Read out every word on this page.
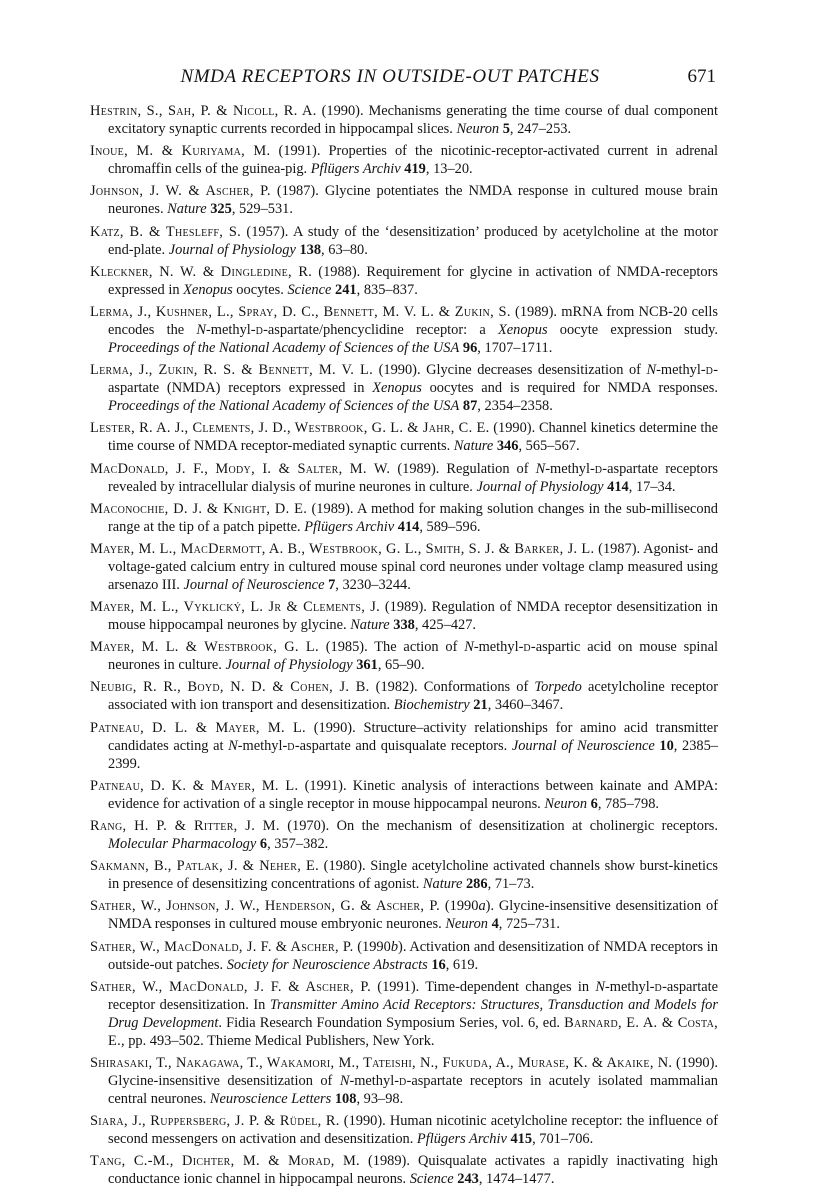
NMDA RECEPTORS IN OUTSIDE-OUT PATCHES	671
Hestrin, S., Sah, P. & Nicoll, R. A. (1990). Mechanisms generating the time course of dual component excitatory synaptic currents recorded in hippocampal slices. Neuron 5, 247–253.
Inoue, M. & Kuriyama, M. (1991). Properties of the nicotinic-receptor-activated current in adrenal chromaffin cells of the guinea-pig. Pflügers Archiv 419, 13–20.
Johnson, J. W. & Ascher, P. (1987). Glycine potentiates the NMDA response in cultured mouse brain neurones. Nature 325, 529–531.
Katz, B. & Thesleff, S. (1957). A study of the ‘desensitization’ produced by acetylcholine at the motor end-plate. Journal of Physiology 138, 63–80.
Kleckner, N. W. & Dingledine, R. (1988). Requirement for glycine in activation of NMDA-receptors expressed in Xenopus oocytes. Science 241, 835–837.
Lerma, J., Kushner, L., Spray, D. C., Bennett, M. V. L. & Zukin, S. (1989). mRNA from NCB-20 cells encodes the N-methyl-d-aspartate/phencyclidine receptor: a Xenopus oocyte expression study. Proceedings of the National Academy of Sciences of the USA 96, 1707–1711.
Lerma, J., Zukin, R. S. & Bennett, M. V. L. (1990). Glycine decreases desensitization of N-methyl-d-aspartate (NMDA) receptors expressed in Xenopus oocytes and is required for NMDA responses. Proceedings of the National Academy of Sciences of the USA 87, 2354–2358.
Lester, R. A. J., Clements, J. D., Westbrook, G. L. & Jahr, C. E. (1990). Channel kinetics determine the time course of NMDA receptor-mediated synaptic currents. Nature 346, 565–567.
MacDonald, J. F., Mody, I. & Salter, M. W. (1989). Regulation of N-methyl-d-aspartate receptors revealed by intracellular dialysis of murine neurones in culture. Journal of Physiology 414, 17–34.
Maconochie, D. J. & Knight, D. E. (1989). A method for making solution changes in the sub-millisecond range at the tip of a patch pipette. Pflügers Archiv 414, 589–596.
Mayer, M. L., MacDermott, A. B., Westbrook, G. L., Smith, S. J. & Barker, J. L. (1987). Agonist- and voltage-gated calcium entry in cultured mouse spinal cord neurones under voltage clamp measured using arsenazo III. Journal of Neuroscience 7, 3230–3244.
Mayer, M. L., Vyklický, L. Jr & Clements, J. (1989). Regulation of NMDA receptor desensitization in mouse hippocampal neurones by glycine. Nature 338, 425–427.
Mayer, M. L. & Westbrook, G. L. (1985). The action of N-methyl-d-aspartic acid on mouse spinal neurones in culture. Journal of Physiology 361, 65–90.
Neubig, R. R., Boyd, N. D. & Cohen, J. B. (1982). Conformations of Torpedo acetylcholine receptor associated with ion transport and desensitization. Biochemistry 21, 3460–3467.
Patneau, D. L. & Mayer, M. L. (1990). Structure–activity relationships for amino acid transmitter candidates acting at N-methyl-d-aspartate and quisqualate receptors. Journal of Neuroscience 10, 2385–2399.
Patneau, D. K. & Mayer, M. L. (1991). Kinetic analysis of interactions between kainate and AMPA: evidence for activation of a single receptor in mouse hippocampal neurons. Neuron 6, 785–798.
Rang, H. P. & Ritter, J. M. (1970). On the mechanism of desensitization at cholinergic receptors. Molecular Pharmacology 6, 357–382.
Sakmann, B., Patlak, J. & Neher, E. (1980). Single acetylcholine activated channels show burst-kinetics in presence of desensitizing concentrations of agonist. Nature 286, 71–73.
Sather, W., Johnson, J. W., Henderson, G. & Ascher, P. (1990a). Glycine-insensitive desensitization of NMDA responses in cultured mouse embryonic neurones. Neuron 4, 725–731.
Sather, W., MacDonald, J. F. & Ascher, P. (1990b). Activation and desensitization of NMDA receptors in outside-out patches. Society for Neuroscience Abstracts 16, 619.
Sather, W., MacDonald, J. F. & Ascher, P. (1991). Time-dependent changes in N-methyl-d-aspartate receptor desensitization. In Transmitter Amino Acid Receptors: Structures, Transduction and Models for Drug Development. Fidia Research Foundation Symposium Series, vol. 6, ed. Barnard, E. A. & Costa, E., pp. 493–502. Thieme Medical Publishers, New York.
Shirasaki, T., Nakagawa, T., Wakamori, M., Tateishi, N., Fukuda, A., Murase, K. & Akaike, N. (1990). Glycine-insensitive desensitization of N-methyl-d-aspartate receptors in acutely isolated mammalian central neurones. Neuroscience Letters 108, 93–98.
Siara, J., Ruppersberg, J. P. & Rüdel, R. (1990). Human nicotinic acetylcholine receptor: the influence of second messengers on activation and desensitization. Pflügers Archiv 415, 701–706.
Tang, C.-M., Dichter, M. & Morad, M. (1989). Quisqualate activates a rapidly inactivating high conductance ionic channel in hippocampal neurons. Science 243, 1474–1477.
